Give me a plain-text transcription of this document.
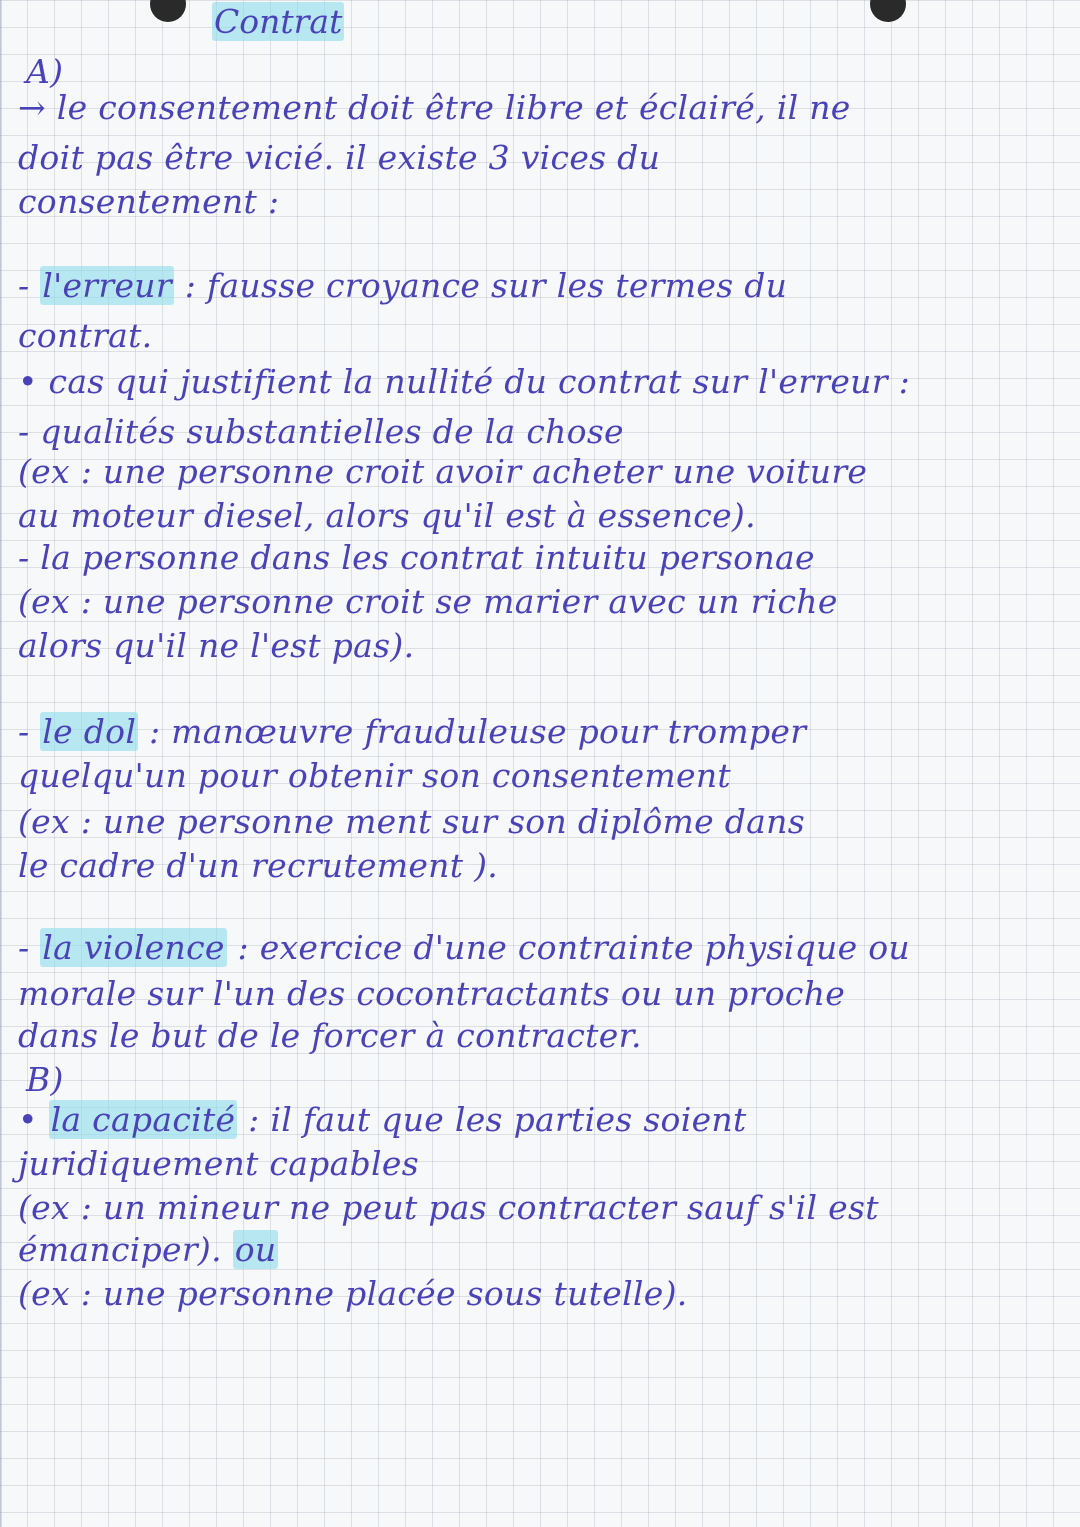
Contrat
A)
→ le consentement doit être libre et éclairé, il ne
doit pas être vicié. il existe 3 vices du
consentement :
- l'erreur : fausse croyance sur les termes du
contrat.
• cas qui justifient la nullité du contrat sur l'erreur :
- qualités substantielles de la chose
(ex : une personne croit avoir acheter une voiture
au moteur diesel, alors qu'il est à essence).
- la personne dans les contrat intuitu personae
(ex : une personne croit se marier avec un riche
alors qu'il ne l'est pas).
- le dol : manœuvre frauduleuse pour tromper
quelqu'un pour obtenir son consentement
(ex : une personne ment sur son diplôme dans
le cadre d'un recrutement ).
- la violence : exercice d'une contrainte physique ou
morale sur l'un des cocontractants ou un proche
dans le but de le forcer à contracter.
B)
• la capacité : il faut que les parties soient
juridiquement capables
(ex : un mineur ne peut pas contracter sauf s'il est
émanciper). ou
(ex : une personne placée sous tutelle).
